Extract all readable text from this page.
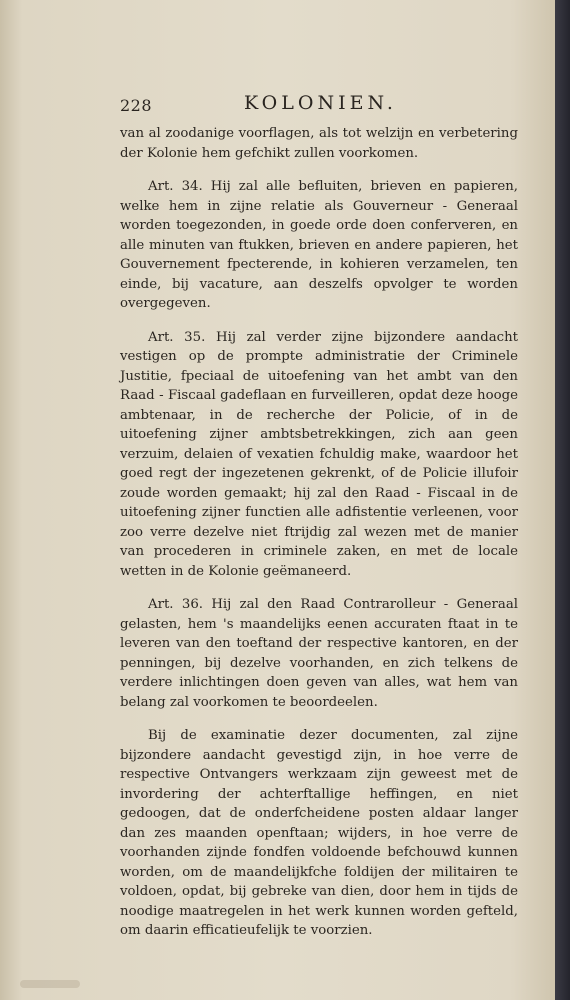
228	KOLONIEN.

van al zoodanige voorflagen, als tot welzijn en verbetering der Kolonie hem gefchikt zullen voorkomen.

Art. 34. Hij zal alle befluiten, brieven en papieren, welke hem in zijne relatie als Gouverneur - Generaal worden toegezonden, in goede orde doen conferveren, en alle minuten van ftukken, brieven en andere papieren, het Gouvernement fpecterende, in kohieren verzamelen, ten einde, bij vacature, aan deszelfs opvolger te worden overgegeven.

Art. 35. Hij zal verder zijne bijzondere aandacht vestigen op de prompte administratie der Criminele Justitie, fpeciaal de uitoefening van het ambt van den Raad - Fiscaal gadeflaan en furveilleren, opdat deze hooge ambtenaar, in de recherche der Policie, of in de uitoefening zijner ambtsbetrekkingen, zich aan geen verzuim, delaien of vexatien fchuldig make, waardoor het goed regt der ingezetenen gekrenkt, of de Policie illufoir zoude worden gemaakt; hij zal den Raad - Fiscaal in de uitoefening zijner functien alle adfistentie verleenen, voor zoo verre dezelve niet ftrijdig zal wezen met de manier van procederen in criminele zaken, en met de locale wetten in de Kolonie geëmaneerd.

Art. 36. Hij zal den Raad Contrarolleur - Generaal gelasten, hem 's maandelijks eenen accuraten ftaat in te leveren van den toeftand der respective kantoren, en der penningen, bij dezelve voorhanden, en zich telkens de verdere inlichtingen doen geven van alles, wat hem van belang zal voorkomen te beoordeelen.

Bij de examinatie dezer documenten, zal zijne bijzondere aandacht gevestigd zijn, in hoe verre de respective Ontvangers werkzaam zijn geweest met de invordering der achterftallige heffingen, en niet gedoogen, dat de onderfcheidene posten aldaar langer dan zes maanden openftaan; wijders, in hoe verre de voorhanden zijnde fondfen voldoende befchouwd kunnen worden, om de maandelijkfche foldijen der militairen te voldoen, opdat, bij gebreke van dien, door hem in tijds de noodige maatregelen in het werk kunnen worden gefteld, om daarin efficatieufelijk te voorzien.
